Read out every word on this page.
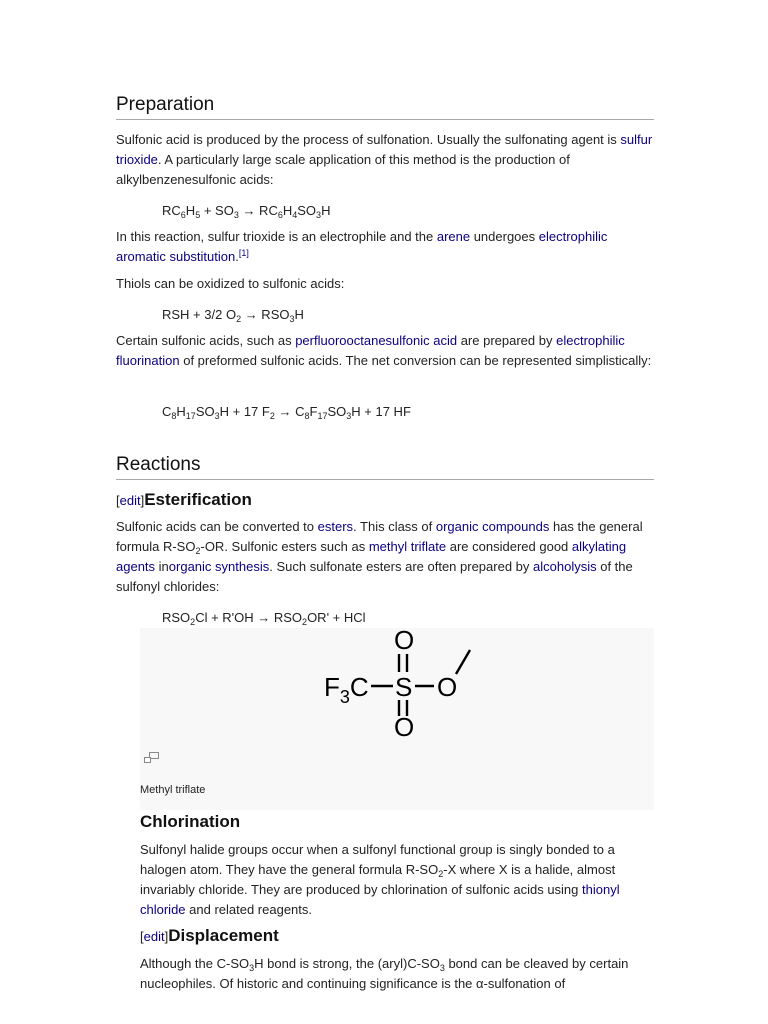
Preparation

Sulfonic acid is produced by the process of sulfonation. Usually the sulfonating agent is sulfur trioxide. A particularly large scale application of this method is the production of alkylbenzenesulfonic acids:

$RC_6H_5 + SO_3 \to RC_6H_4SO_3H$

In this reaction, sulfur trioxide is an electrophile and the arene undergoes electrophilic aromatic substitution.[1]

Thiols can be oxidized to sulfonic acids:

RSH + 3/2 $O_2 \to RSO_3H$

Certain sulfonic acids, such as perfluorooctanesulfonic acid are prepared by electrophilic fluorination of preformed sulfonic acids. The net conversion can be represented simplistically:

$C_8H_{17}SO_3H + 17$ $F_2 \to C_8F_{17}SO_3H + 17$ HF
Reactions
[edit]Esterification

Sulfonic acids can be converted to esters. This class of organic compounds has the general formula $R-SO_2-OR$. Sulfonic esters such as methyl triflate are considered good alkylating agents inorganic synthesis. Such sulfonate esters are often prepared by alcoholysis of the sulfonyl chlorides:

$RSO_2Cl + R'OH \to RSO_2OR'$ + HCl
$F_3C$ S
O
O
O
Methyl triflate
Chlorination

Sulfonyl halide groups occur when a sulfonyl functional group is singly bonded to a halogen atom. They have the general formula $R-SO_2-X$ where X is a halide, almost invariably chloride. They are produced by chlorination of sulfonic acids using thionyl chloride and related reagents.

[edit]Displacement

Although the $C-SO_3H$ bond is strong, the $(aryl)C-SO_3$ bond can be cleaved by certain nucleophiles. Of historic and continuing significance is the α-sulfonation of
